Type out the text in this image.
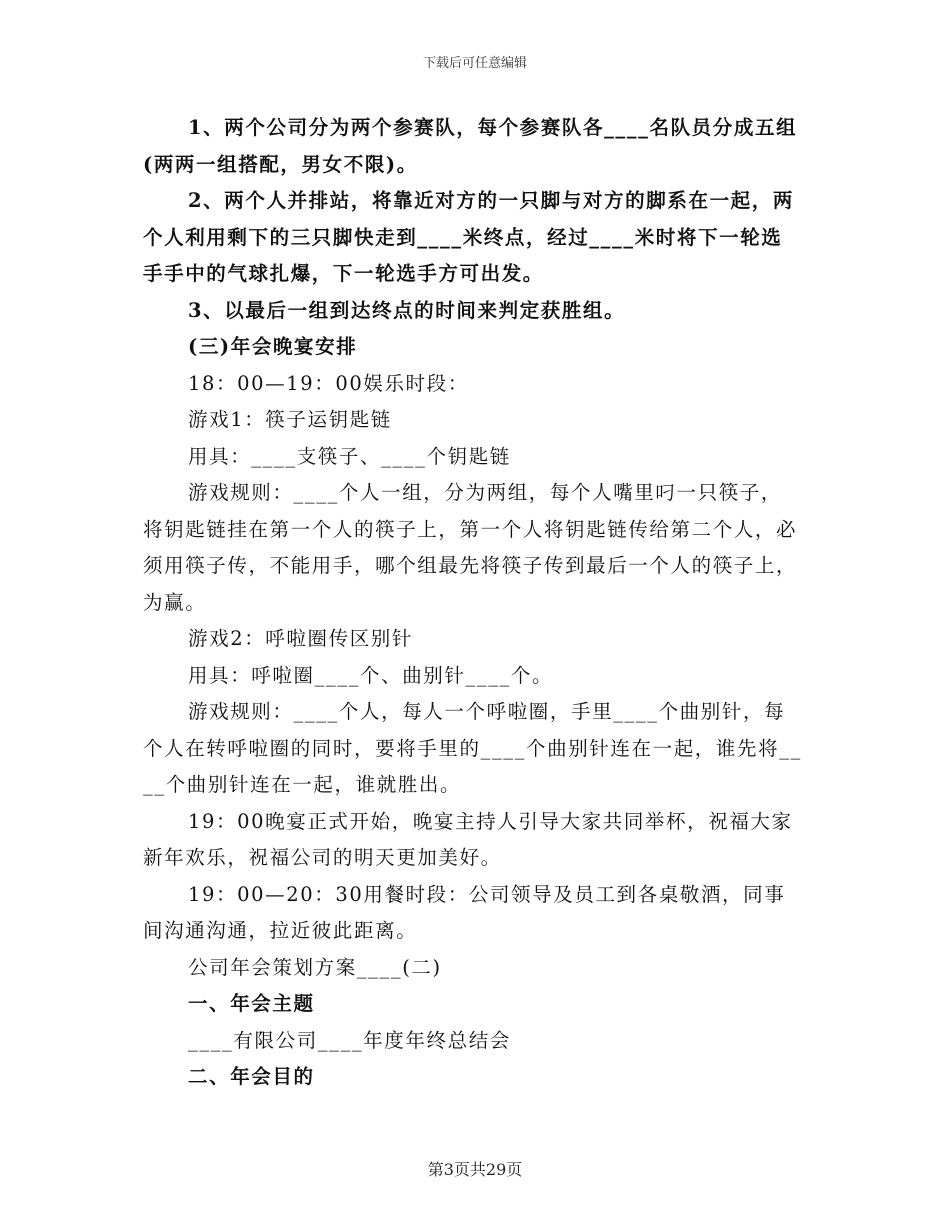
下载后可任意编辑

1、两个公司分为两个参赛队，每个参赛队各____名队员分成五组(两两一组搭配，男女不限)。

2、两个人并排站，将靠近对方的一只脚与对方的脚系在一起，两个人利用剩下的三只脚快走到____米终点，经过____米时将下一轮选手手中的气球扎爆，下一轮选手方可出发。

3、以最后一组到达终点的时间来判定获胜组。

(三)年会晚宴安排

18：00—19：00娱乐时段：

游戏1：筷子运钥匙链

用具：____支筷子、____个钥匙链

游戏规则：____个人一组，分为两组，每个人嘴里叼一只筷子，将钥匙链挂在第一个人的筷子上，第一个人将钥匙链传给第二个人，必须用筷子传，不能用手，哪个组最先将筷子传到最后一个人的筷子上，为赢。

游戏2：呼啦圈传区别针

用具：呼啦圈____个、曲别针____个。

游戏规则：____个人，每人一个呼啦圈，手里____个曲别针，每个人在转呼啦圈的同时，要将手里的____个曲别针连在一起，谁先将____个曲别针连在一起，谁就胜出。

19：00晚宴正式开始，晚宴主持人引导大家共同举杯，祝福大家新年欢乐，祝福公司的明天更加美好。

19：00—20：30用餐时段：公司领导及员工到各桌敬酒，同事间沟通沟通，拉近彼此距离。

公司年会策划方案____(二)

一、年会主题

____有限公司____年度年终总结会

二、年会目的

第3页共29页
